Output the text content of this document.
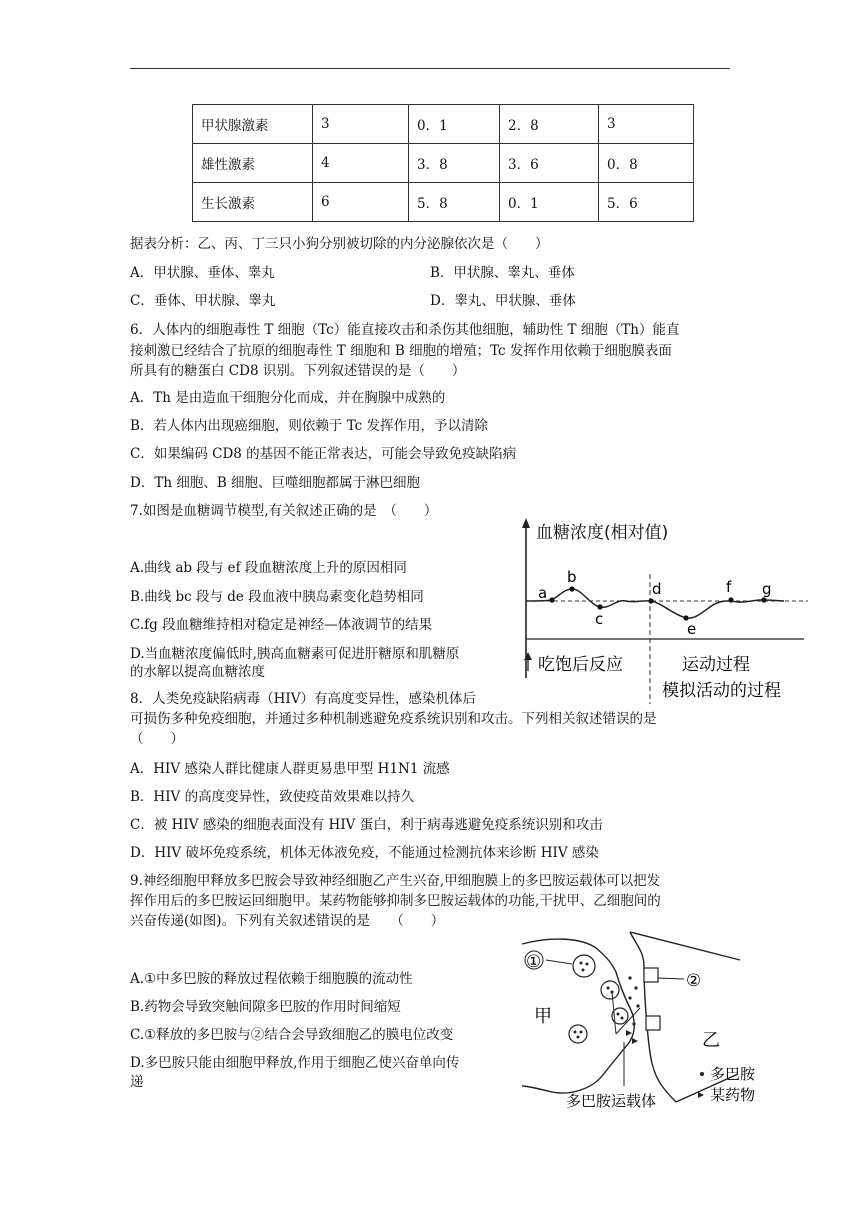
甲状腺激素	3	0．1	2．8	3
雄性激素	4	3．8	3．6	0．8
生长激素	6	5．8	0．1	5．6
据表分析：乙、丙、丁三只小狗分别被切除的内分泌腺依次是（　　）
A．甲状腺、垂体、睾丸	B．甲状腺、睾丸、垂体
C．垂体、甲状腺、睾丸	D．睾丸、甲状腺、垂体
6．人体内的细胞毒性 T 细胞（Tc）能直接攻击和杀伤其他细胞，辅助性 T 细胞（Th）能直
接刺激已经结合了抗原的细胞毒性 T 细胞和 B 细胞的增殖；Tc 发挥作用依赖于细胞膜表面
所具有的糖蛋白 CD8 识别。下列叙述错误的是（　　）
A．Th 是由造血干细胞分化而成，并在胸腺中成熟的
B．若人体内出现癌细胞，则依赖于 Tc 发挥作用，予以清除
C．如果编码 CD8 的基因不能正常表达，可能会导致免疫缺陷病
D．Th 细胞、B 细胞、巨噬细胞都属于淋巴细胞
7.如图是血糖调节模型,有关叙述正确的是　（　　）
A.曲线 ab 段与 ef 段血糖浓度上升的原因相同
B.曲线 bc 段与 de 段血液中胰岛素变化趋势相同
C.fg 段血糖维持相对稳定是神经—体液调节的结果
D.当血糖浓度偏低时,胰高血糖素可促进肝糖原和肌糖原
的水解以提高血糖浓度
血糖浓度(相对值)
a
b
c
d
e
f g
吃饱后反应	运动过程
模拟活动的过程
8．人类免疫缺陷病毒（HIV）有高度变异性，感染机体后
可损伤多种免疫细胞，并通过多种机制逃避免疫系统识别和攻击。下列相关叙述错误的是
（　　）
A．HIV 感染人群比健康人群更易患甲型 H1N1 流感
B．HIV 的高度变异性，致使疫苗效果难以持久
C．被 HIV 感染的细胞表面没有 HIV 蛋白，利于病毒逃避免疫系统识别和攻击
D．HIV 破坏免疫系统，机体无体液免疫，不能通过检测抗体来诊断 HIV 感染
9.神经细胞甲释放多巴胺会导致神经细胞乙产生兴奋,甲细胞膜上的多巴胺运载体可以把发
挥作用后的多巴胺运回细胞甲。某药物能够抑制多巴胺运载体的功能,干扰甲、乙细胞间的
兴奋传递(如图)。下列有关叙述错误的是　　（　　）
A.①中多巴胺的释放过程依赖于细胞膜的流动性
B.药物会导致突触间隙多巴胺的作用时间缩短
C.①释放的多巴胺与②结合会导致细胞乙的膜电位改变
D.多巴胺只能由细胞甲释放,作用于细胞乙使兴奋单向传
递
①
②
甲
乙
多巴胺
某药物
多巴胺运载体
